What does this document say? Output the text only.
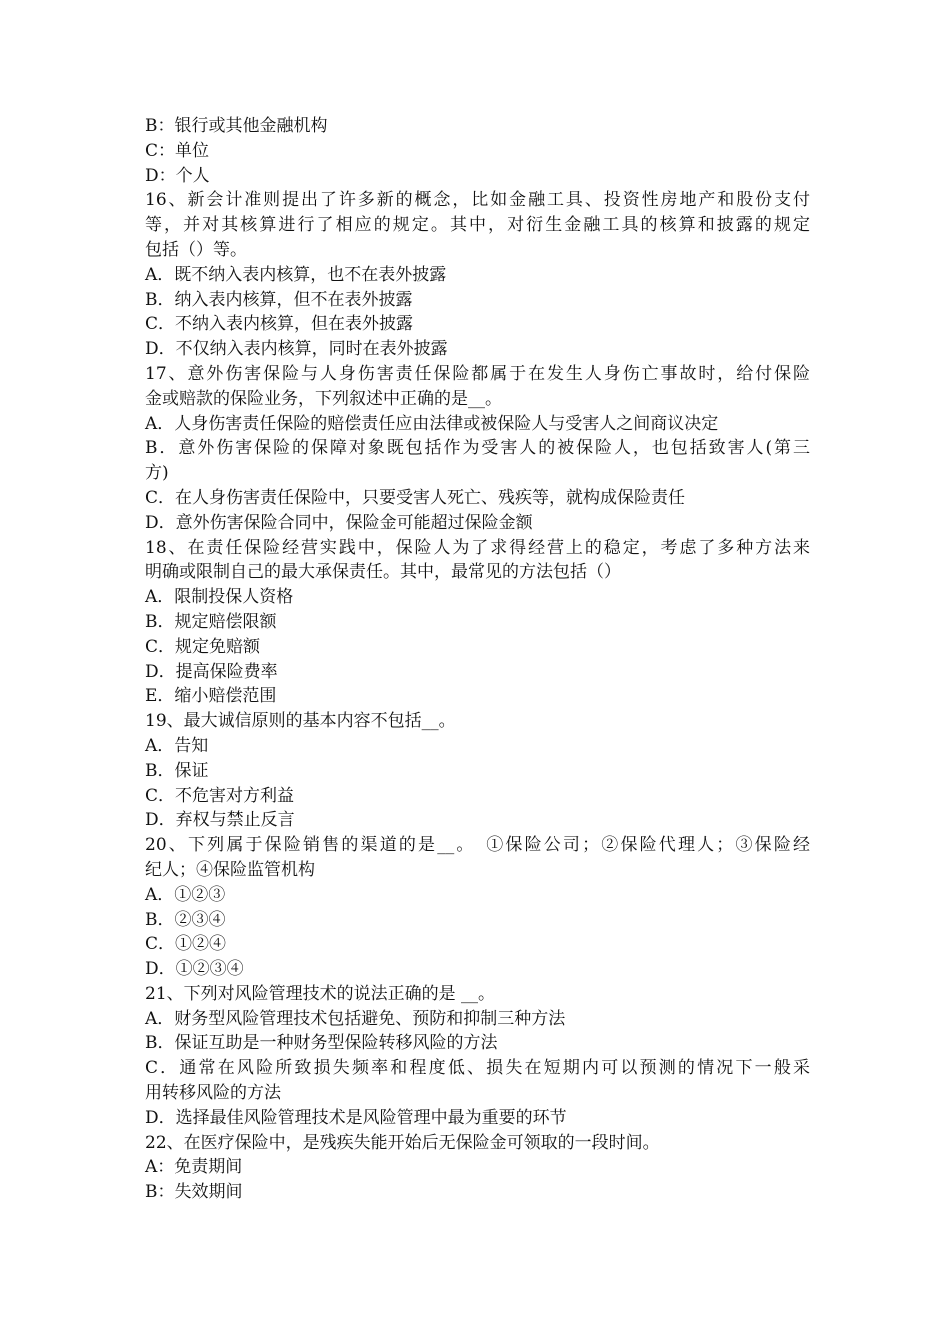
B：银行或其他金融机构
C：单位
D：个人
16、新会计准则提出了许多新的概念，比如金融工具、投资性房地产和股份支付
等，并对其核算进行了相应的规定。其中，对衍生金融工具的核算和披露的规定
包括（）等。
A．既不纳入表内核算，也不在表外披露
B．纳入表内核算，但不在表外披露
C．不纳入表内核算，但在表外披露
D．不仅纳入表内核算，同时在表外披露
17、意外伤害保险与人身伤害责任保险都属于在发生人身伤亡事故时，给付保险
金或赔款的保险业务，下列叙述中正确的是__。
A．人身伤害责任保险的赔偿责任应由法律或被保险人与受害人之间商议决定
B．意外伤害保险的保障对象既包括作为受害人的被保险人，也包括致害人(第三
方)
C．在人身伤害责任保险中，只要受害人死亡、残疾等，就构成保险责任
D．意外伤害保险合同中，保险金可能超过保险金额
18、在责任保险经营实践中，保险人为了求得经营上的稳定，考虑了多种方法来
明确或限制自己的最大承保责任。其中，最常见的方法包括（）
A．限制投保人资格
B．规定赔偿限额
C．规定免赔额
D．提高保险费率
E．缩小赔偿范围
19、最大诚信原则的基本内容不包括__。
A．告知
B．保证
C．不危害对方利益
D．弃权与禁止反言
20、下列属于保险销售的渠道的是__。　①保险公司；②保险代理人；③保险经
纪人；④保险监管机构
A．①②③
B．②③④
C．①②④
D．①②③④
21、下列对风险管理技术的说法正确的是 __。
A．财务型风险管理技术包括避免、预防和抑制三种方法
B．保证互助是一种财务型保险转移风险的方法
C．通常在风险所致损失频率和程度低、损失在短期内可以预测的情况下一般采
用转移风险的方法
D．选择最佳风险管理技术是风险管理中最为重要的环节
22、在医疗保险中，是残疾失能开始后无保险金可领取的一段时间。
A：免责期间
B：失效期间
